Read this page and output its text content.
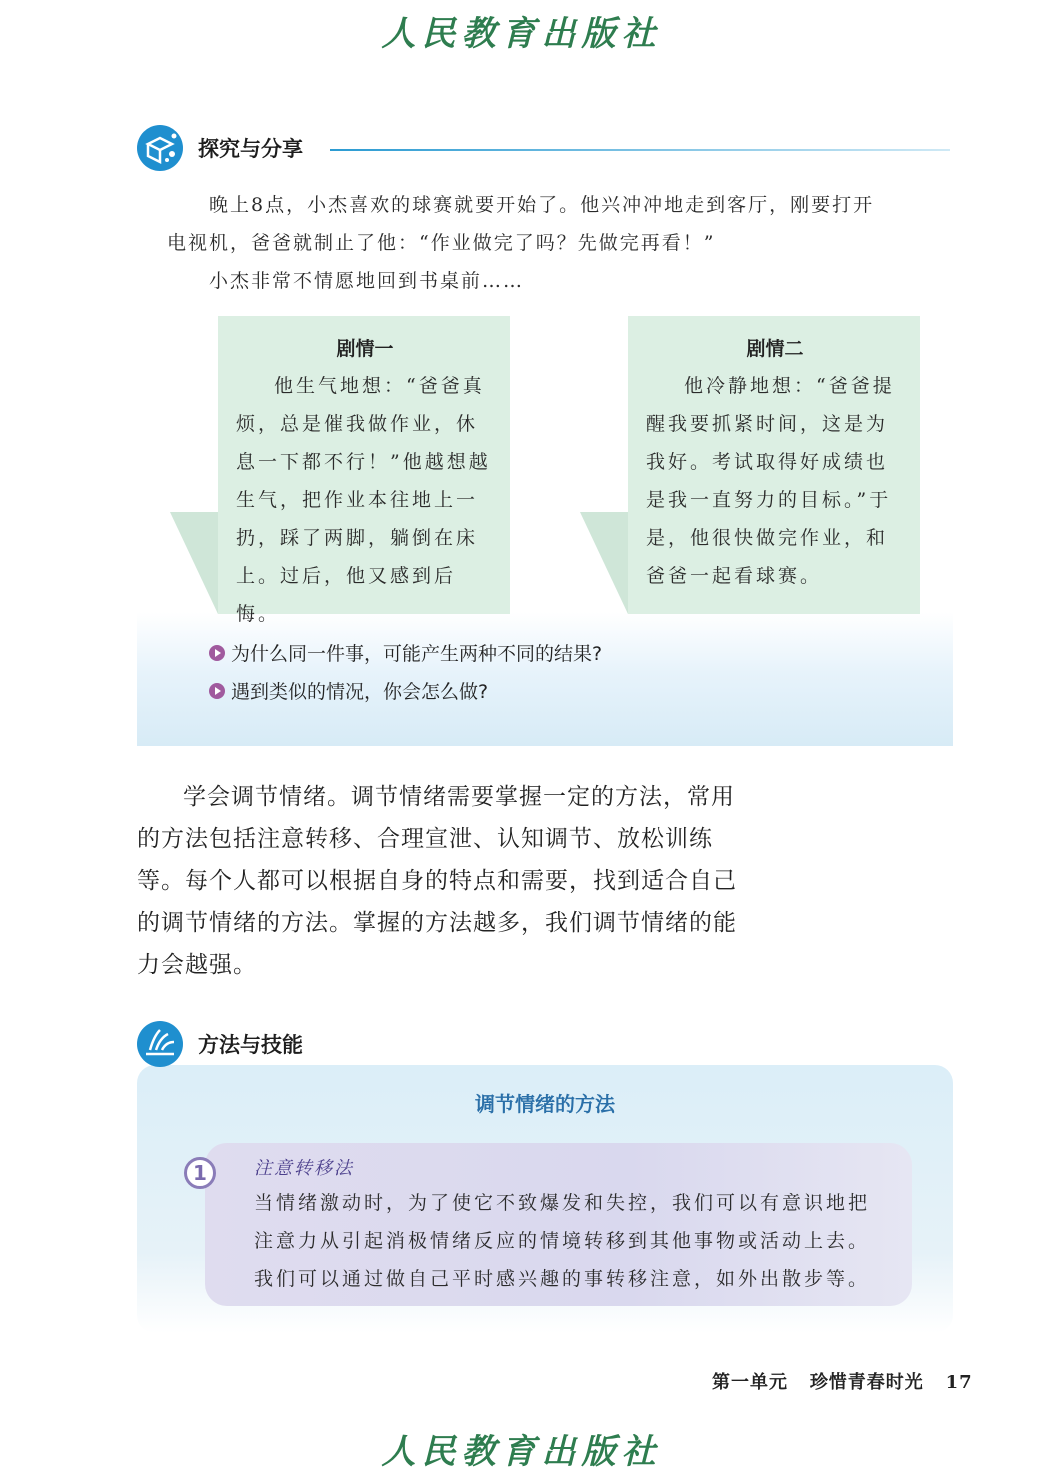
人民教育出版社
探究与分享
晚上8点，小杰喜欢的球赛就要开始了。他兴冲冲地走到客厅，刚要打开
电视机，爸爸就制止了他：“作业做完了吗？先做完再看！”
小杰非常不情愿地回到书桌前……
剧情一
他生气地想：“爸爸真
烦，总是催我做作业，休
息一下都不行！”他越想越
生气，把作业本往地上一
扔，踩了两脚，躺倒在床
上。过后，他又感到后悔。
剧情二
他冷静地想：“爸爸提
醒我要抓紧时间，这是为
我好。考试取得好成绩也
是我一直努力的目标。”于
是，他很快做完作业，和
爸爸一起看球赛。
为什么同一件事，可能产生两种不同的结果?
遇到类似的情况，你会怎么做?
学会调节情绪。调节情绪需要掌握一定的方法，常用
的方法包括注意转移、合理宣泄、认知调节、放松训练
等。每个人都可以根据自身的特点和需要，找到适合自己
的调节情绪的方法。掌握的方法越多，我们调节情绪的能
力会越强。
方法与技能
调节情绪的方法
1	注意转移法
当情绪激动时，为了使它不致爆发和失控，我们可以有意识地把
注意力从引起消极情绪反应的情境转移到其他事物或活动上去。
我们可以通过做自己平时感兴趣的事转移注意，如外出散步等。
第一单元 珍惜青春时光 17
人民教育出版社
